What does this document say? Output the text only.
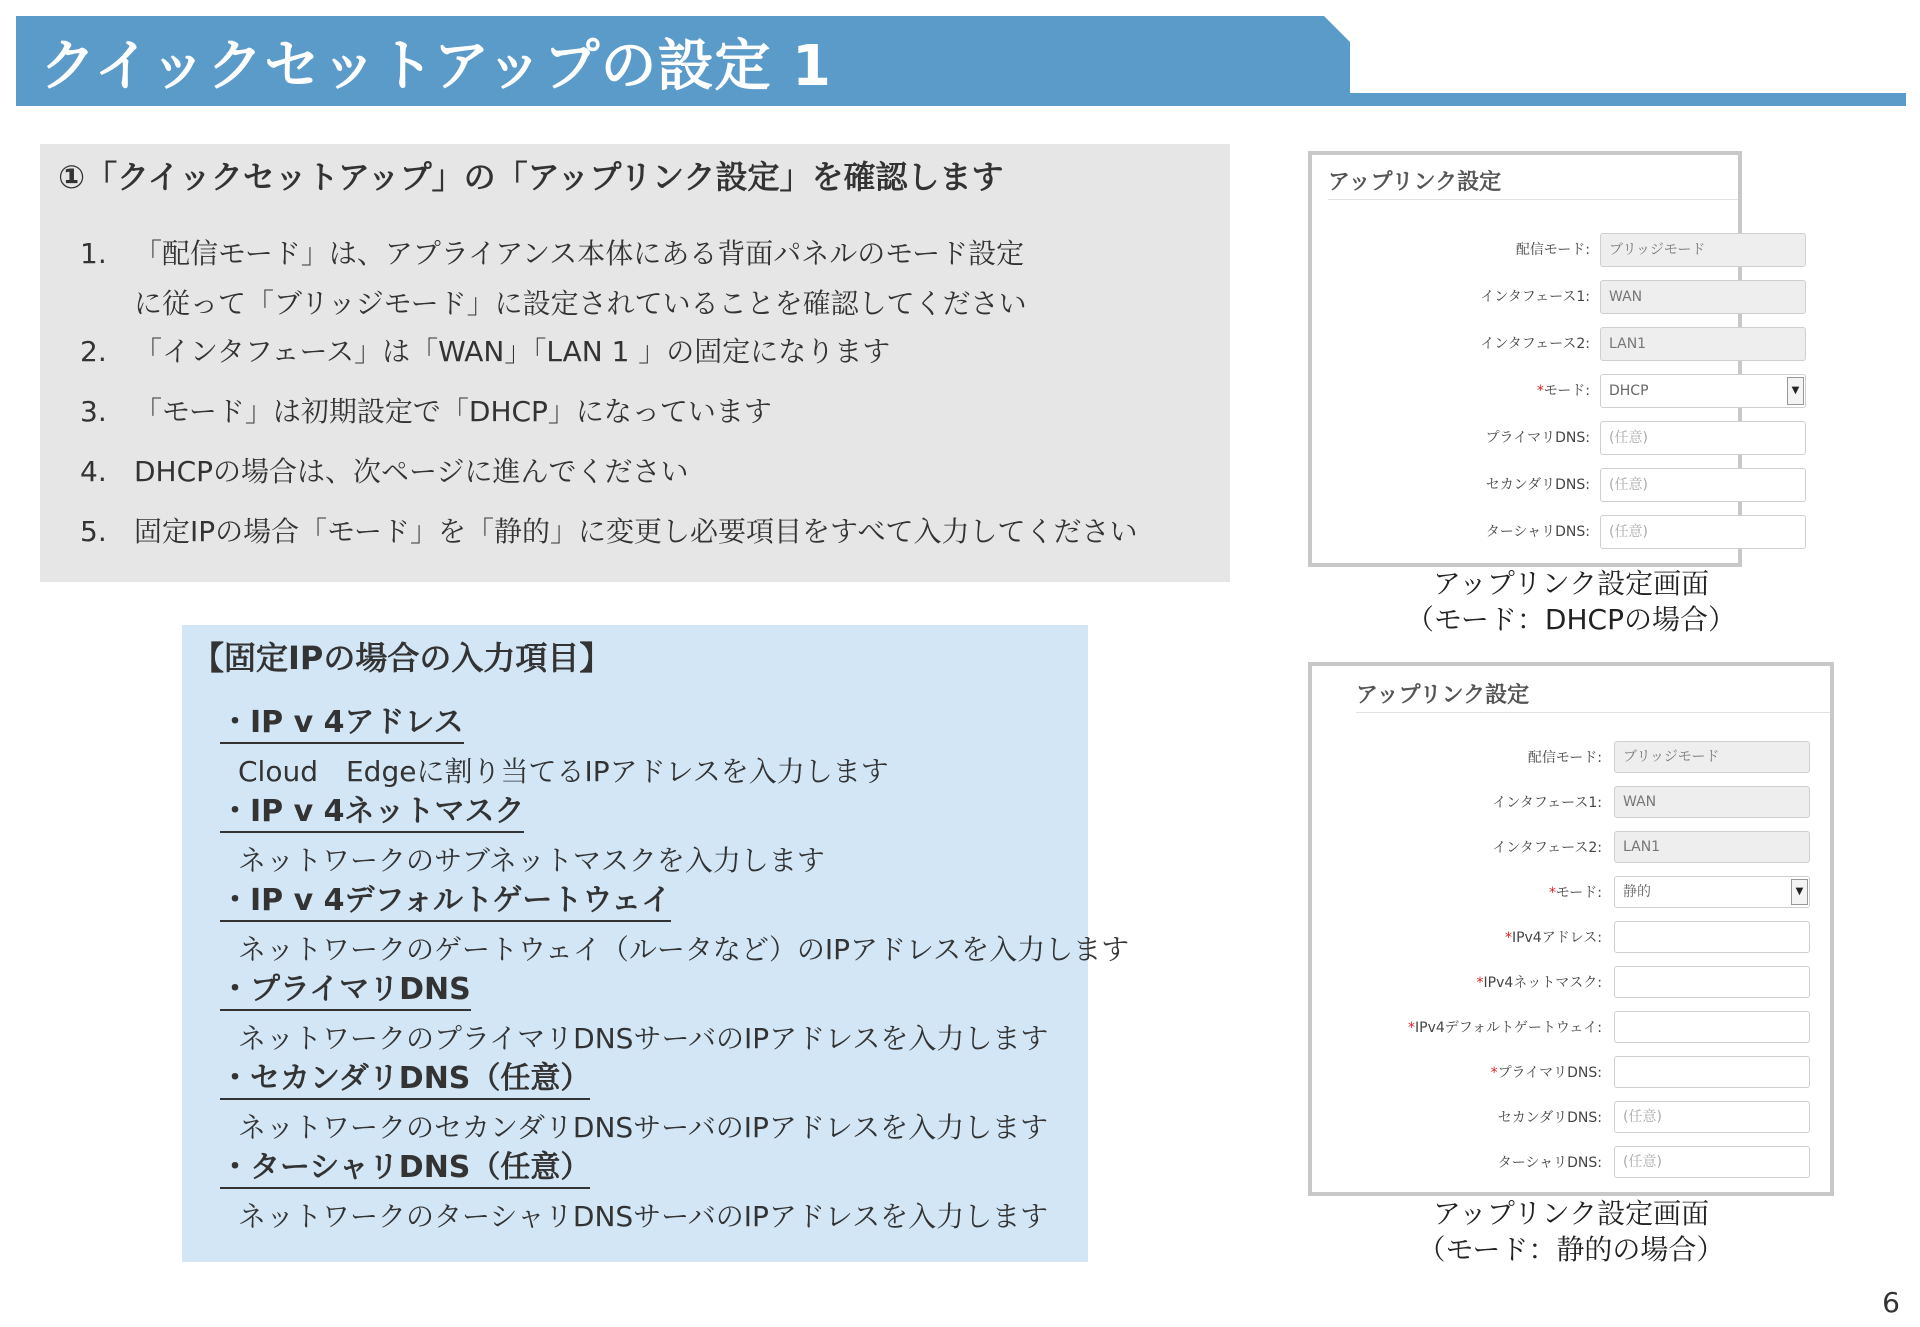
クイックセットアップの設定 1
①「クイックセットアップ」の「アップリンク設定」を確認します
1. 「配信モード」は、アプライアンス本体にある背面パネルのモード設定
に従って「ブリッジモード」に設定されていることを確認してください
2. 「インタフェース」は「WAN」「LAN 1 」の固定になります
3. 「モード」は初期設定で「DHCP」になっています
4. DHCPの場合は、次ページに進んでください
5. 固定IPの場合「モード」を「静的」に変更し必要項目をすべて入力してください
【固定IPの場合の入力項目】
・IP v 4アドレス
Cloud　Edgeに割り当てるIPアドレスを入力します
・IP v 4ネットマスク
ネットワークのサブネットマスクを入力します
・IP v 4デフォルトゲートウェイ
ネットワークのゲートウェイ（ルータなど）のIPアドレスを入力します
・プライマリDNS
ネットワークのプライマリDNSサーバのIPアドレスを入力します
・セカンダリDNS（任意）
ネットワークのセカンダリDNSサーバのIPアドレスを入力します
・ターシャリDNS（任意）
ネットワークのターシャリDNSサーバのIPアドレスを入力します
アップリンク設定
配信モード:	ブリッジモード
インタフェース1:	WAN
インタフェース2:	LAN1
*モード:	DHCP	▼
プライマリDNS:	(任意)
セカンダリDNS:	(任意)
ターシャリDNS:	(任意)
アップリンク設定画面
（モード：DHCPの場合）
アップリンク設定
配信モード:	ブリッジモード
インタフェース1:	WAN
インタフェース2:	LAN1
*モード:	静的	▼
*IPv4アドレス:
*IPv4ネットマスク:
*IPv4デフォルトゲートウェイ:
*プライマリDNS:
セカンダリDNS:	(任意)
ターシャリDNS:	(任意)
アップリンク設定画面
（モード：静的の場合）
6
